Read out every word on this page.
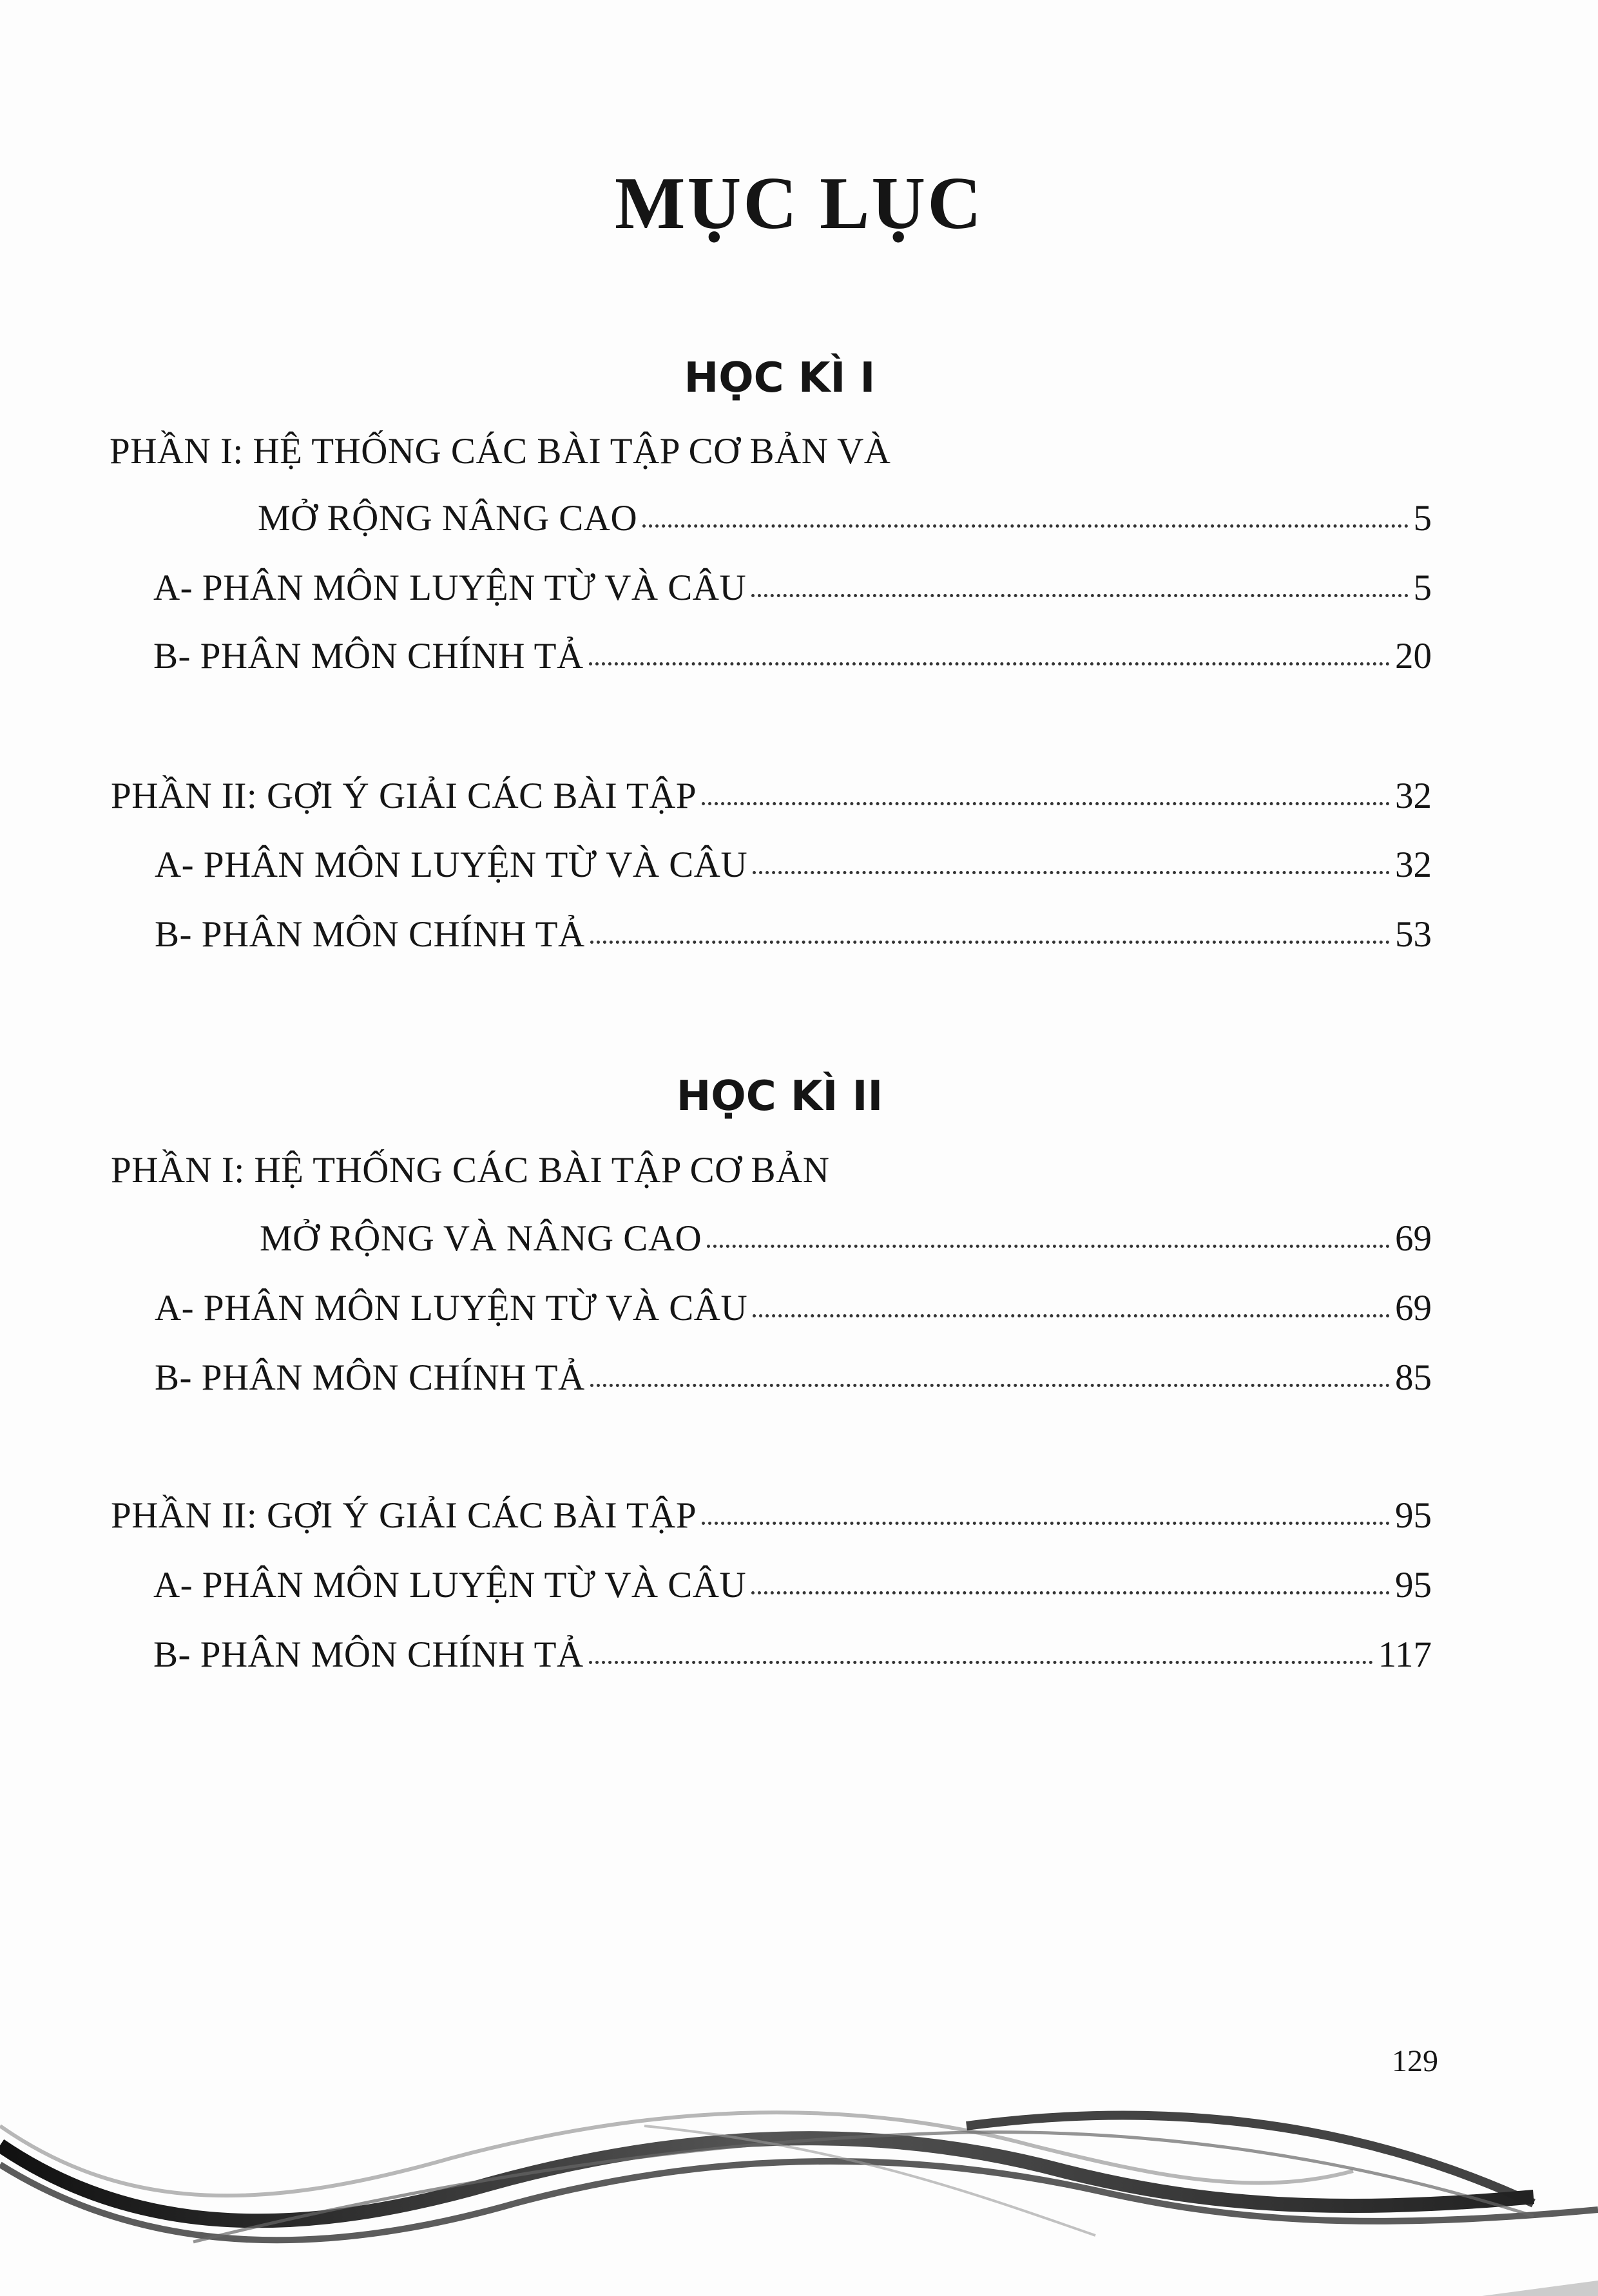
MỤC LỤC
HỌC KÌ I
PHẦN I: HỆ THỐNG CÁC BÀI TẬP CƠ BẢN VÀ
MỞ RỘNG NÂNG CAO	5
A- PHÂN MÔN LUYỆN TỪ VÀ CÂU	5
B- PHÂN MÔN CHÍNH TẢ	20
PHẦN II: GỢI Ý GIẢI CÁC BÀI TẬP	32
A- PHÂN MÔN LUYỆN TỪ VÀ CÂU	32
B- PHÂN MÔN CHÍNH TẢ	53
HỌC KÌ II
PHẦN I: HỆ THỐNG CÁC BÀI TẬP CƠ BẢN
MỞ RỘNG VÀ NÂNG CAO	69
A- PHÂN MÔN LUYỆN TỪ VÀ CÂU	69
B- PHÂN MÔN CHÍNH TẢ	85
PHẦN II: GỢI Ý GIẢI CÁC BÀI TẬP	95
A- PHÂN MÔN LUYỆN TỪ VÀ CÂU	95
B- PHÂN MÔN CHÍNH TẢ	117
129
